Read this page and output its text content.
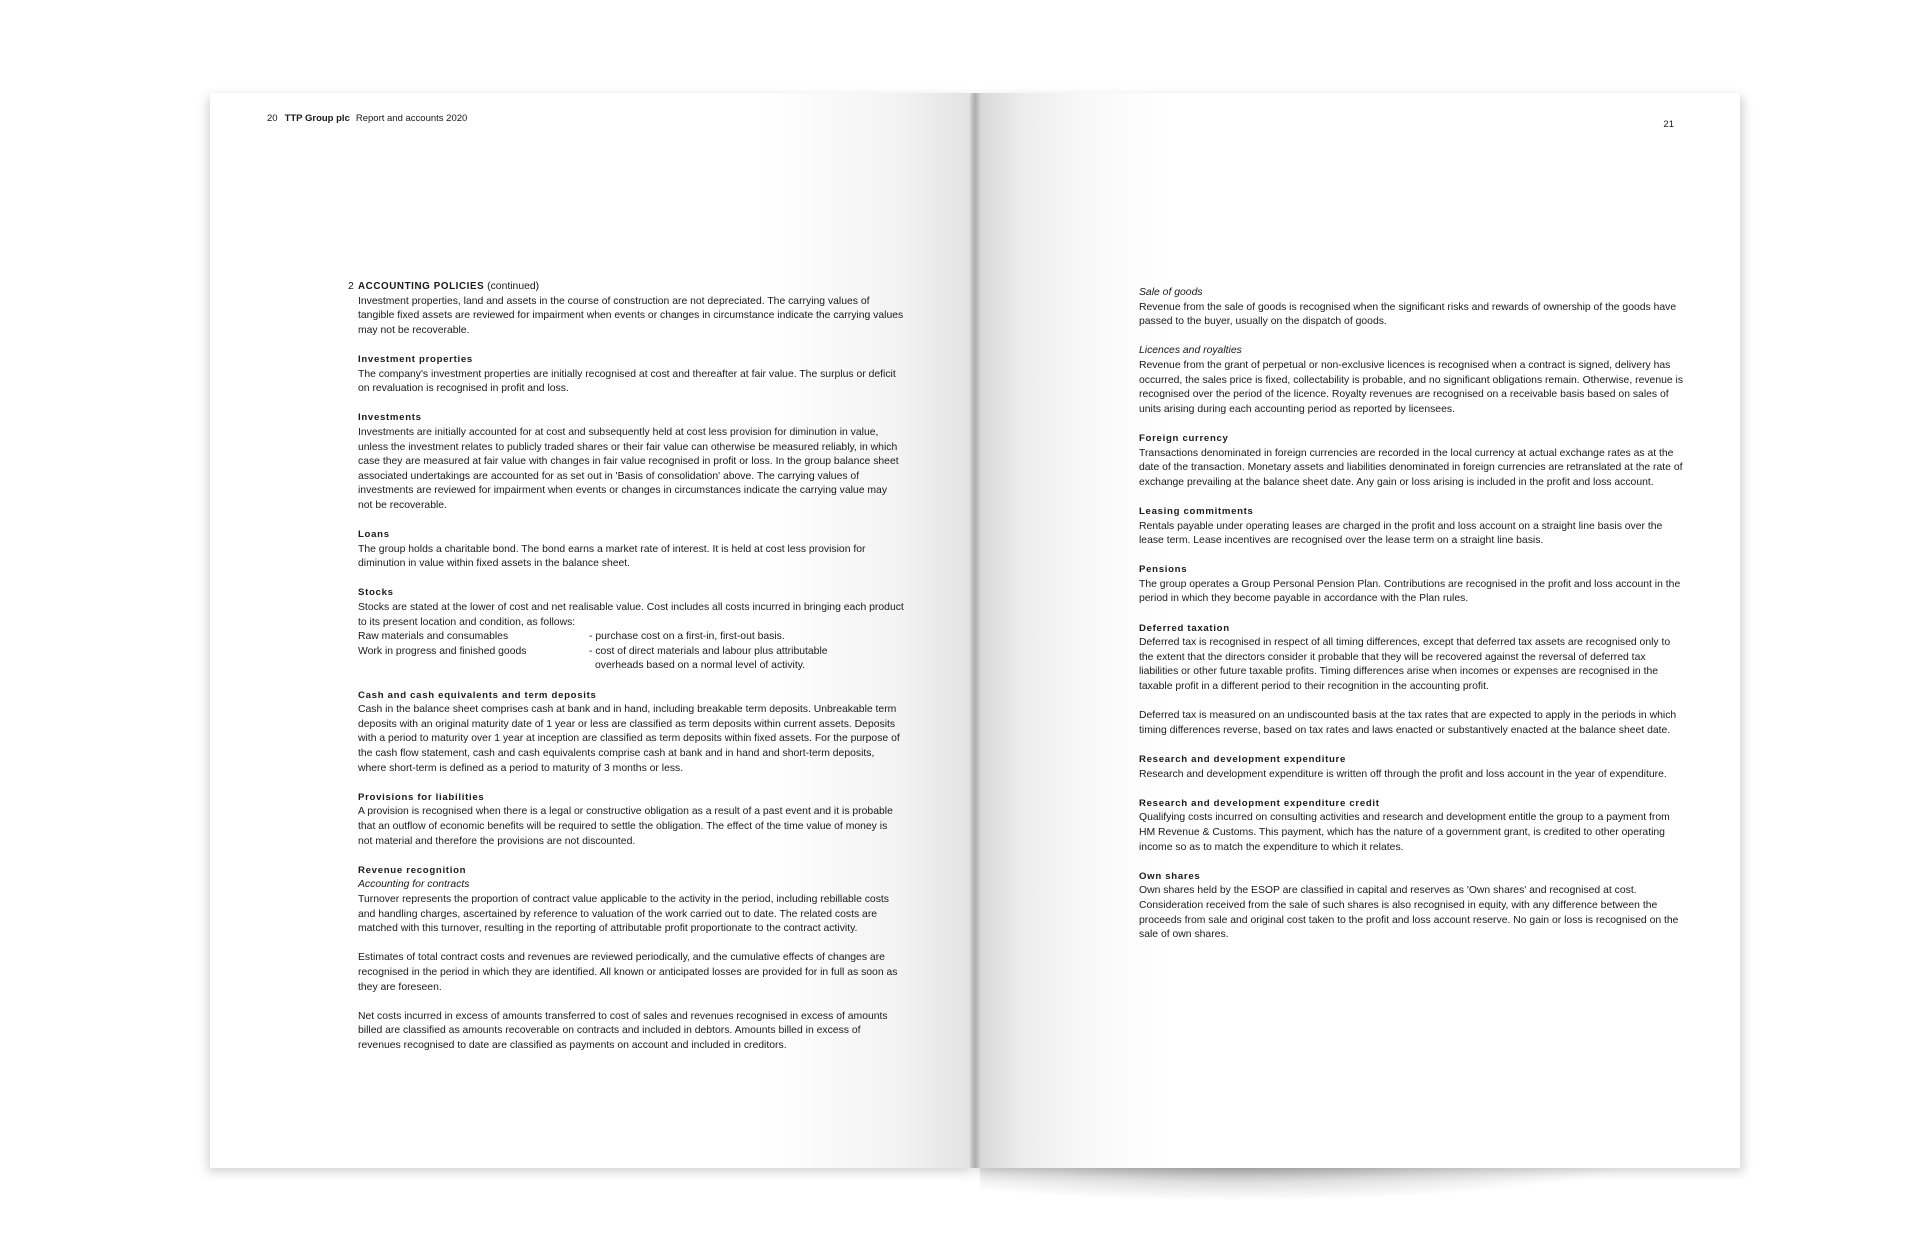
20 TTP Group plc Report and accounts 2020
2 ACCOUNTING POLICIES (continued)

Investment properties, land and assets in the course of construction are not depreciated. The carrying values of tangible fixed assets are reviewed for impairment when events or changes in circumstance indicate the carrying values may not be recoverable.

Investment properties

The company's investment properties are initially recognised at cost and thereafter at fair value. The surplus or deficit on revaluation is recognised in profit and loss.

Investments

Investments are initially accounted for at cost and subsequently held at cost less provision for diminution in value, unless the investment relates to publicly traded shares or their fair value can otherwise be measured reliably, in which case they are measured at fair value with changes in fair value recognised in profit or loss. In the group balance sheet associated undertakings are accounted for as set out in 'Basis of consolidation' above. The carrying values of investments are reviewed for impairment when events or changes in circumstances indicate the carrying value may not be recoverable.

Loans

The group holds a charitable bond. The bond earns a market rate of interest. It is held at cost less provision for diminution in value within fixed assets in the balance sheet.

Stocks

Stocks are stated at the lower of cost and net realisable value. Cost includes all costs incurred in bringing each product to its present location and condition, as follows:

Raw materials and consumables	- purchase cost on a first-in, first-out basis.
Work in progress and finished goods	- cost of direct materials and labour plus attributable
overheads based on a normal level of activity.

Cash and cash equivalents and term deposits

Cash in the balance sheet comprises cash at bank and in hand, including breakable term deposits. Unbreakable term deposits with an original maturity date of 1 year or less are classified as term deposits within current assets. Deposits with a period to maturity over 1 year at inception are classified as term deposits within fixed assets. For the purpose of the cash flow statement, cash and cash equivalents comprise cash at bank and in hand and short-term deposits, where short-term is defined as a period to maturity of 3 months or less.

Provisions for liabilities

A provision is recognised when there is a legal or constructive obligation as a result of a past event and it is probable that an outflow of economic benefits will be required to settle the obligation. The effect of the time value of money is not material and therefore the provisions are not discounted.

Revenue recognition

Accounting for contracts

Turnover represents the proportion of contract value applicable to the activity in the period, including rebillable costs and handling charges, ascertained by reference to valuation of the work carried out to date. The related costs are matched with this turnover, resulting in the reporting of attributable profit proportionate to the contract activity.

Estimates of total contract costs and revenues are reviewed periodically, and the cumulative effects of changes are recognised in the period in which they are identified. All known or anticipated losses are provided for in full as soon as they are foreseen.

Net costs incurred in excess of amounts transferred to cost of sales and revenues recognised in excess of amounts billed are classified as amounts recoverable on contracts and included in debtors. Amounts billed in excess of revenues recognised to date are classified as payments on account and included in creditors.

21

Sale of goods

Revenue from the sale of goods is recognised when the significant risks and rewards of ownership of the goods have passed to the buyer, usually on the dispatch of goods.

Licences and royalties

Revenue from the grant of perpetual or non-exclusive licences is recognised when a contract is signed, delivery has occurred, the sales price is fixed, collectability is probable, and no significant obligations remain. Otherwise, revenue is recognised over the period of the licence. Royalty revenues are recognised on a receivable basis based on sales of units arising during each accounting period as reported by licensees.

Foreign currency

Transactions denominated in foreign currencies are recorded in the local currency at actual exchange rates as at the date of the transaction. Monetary assets and liabilities denominated in foreign currencies are retranslated at the rate of exchange prevailing at the balance sheet date. Any gain or loss arising is included in the profit and loss account.

Leasing commitments

Rentals payable under operating leases are charged in the profit and loss account on a straight line basis over the lease term. Lease incentives are recognised over the lease term on a straight line basis.

Pensions

The group operates a Group Personal Pension Plan. Contributions are recognised in the profit and loss account in the period in which they become payable in accordance with the Plan rules.

Deferred taxation

Deferred tax is recognised in respect of all timing differences, except that deferred tax assets are recognised only to the extent that the directors consider it probable that they will be recovered against the reversal of deferred tax liabilities or other future taxable profits. Timing differences arise when incomes or expenses are recognised in the taxable profit in a different period to their recognition in the accounting profit.

Deferred tax is measured on an undiscounted basis at the tax rates that are expected to apply in the periods in which timing differences reverse, based on tax rates and laws enacted or substantively enacted at the balance sheet date.

Research and development expenditure

Research and development expenditure is written off through the profit and loss account in the year of expenditure.

Research and development expenditure credit

Qualifying costs incurred on consulting activities and research and development entitle the group to a payment from HM Revenue & Customs. This payment, which has the nature of a government grant, is credited to other operating income so as to match the expenditure to which it relates.

Own shares

Own shares held by the ESOP are classified in capital and reserves as 'Own shares' and recognised at cost. Consideration received from the sale of such shares is also recognised in equity, with any difference between the proceeds from sale and original cost taken to the profit and loss account reserve. No gain or loss is recognised on the sale of own shares.
